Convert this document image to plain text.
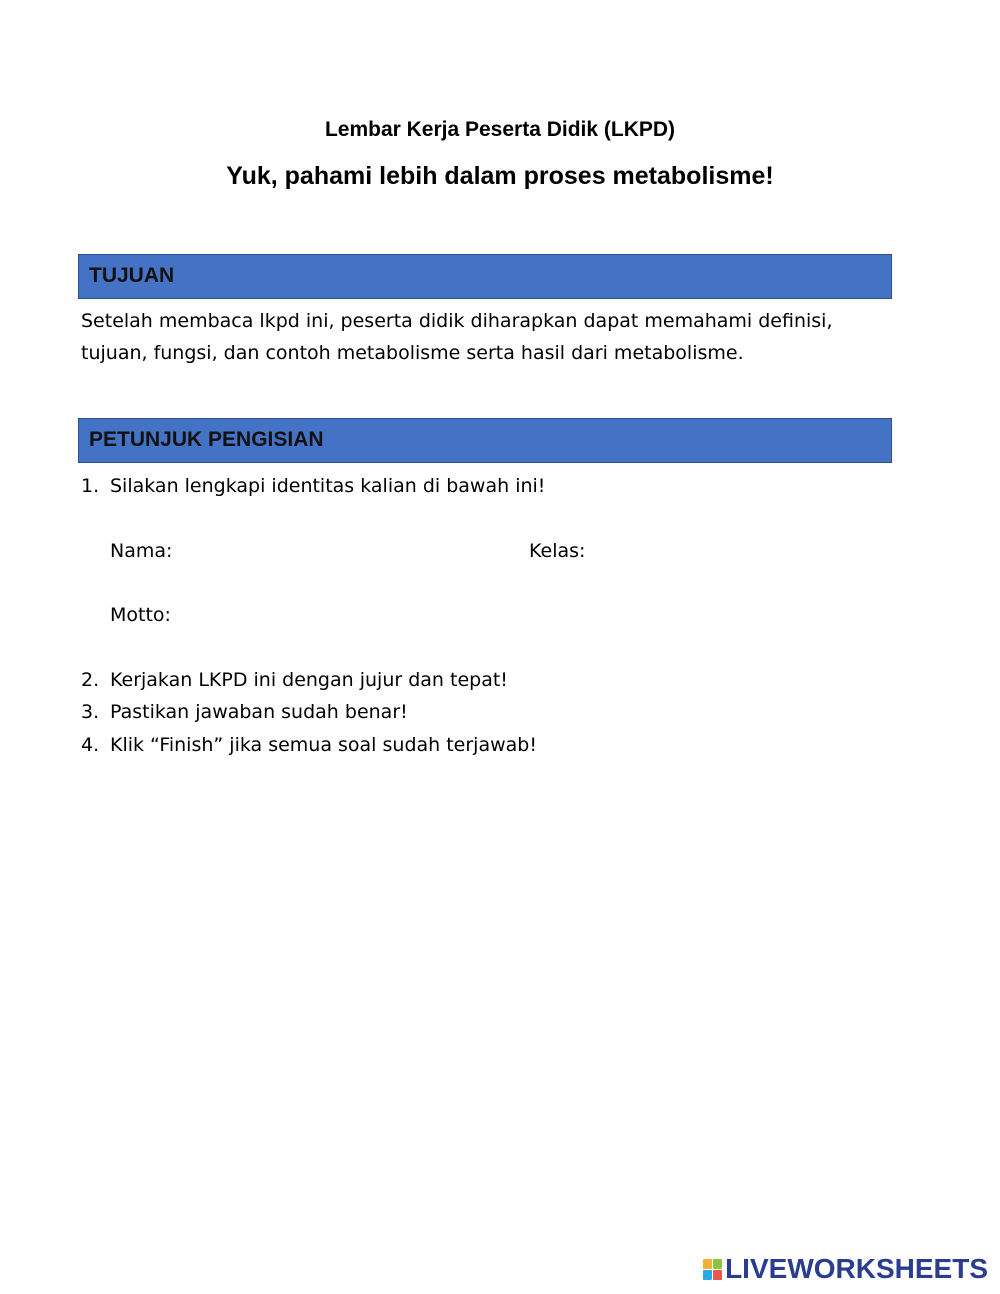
Lembar Kerja Peserta Didik (LKPD)
Yuk, pahami lebih dalam proses metabolisme!
TUJUAN
Setelah membaca lkpd ini, peserta didik diharapkan dapat memahami definisi, tujuan, fungsi, dan contoh metabolisme serta hasil dari metabolisme.
PETUNJUK PENGISIAN
1. Silakan lengkapi identitas kalian di bawah ini!
Nama:	Kelas:
Motto:
2. Kerjakan LKPD ini dengan jujur dan tepat!
3. Pastikan jawaban sudah benar!
4. Klik “Finish” jika semua soal sudah terjawab!
LIVEWORKSHEETS
